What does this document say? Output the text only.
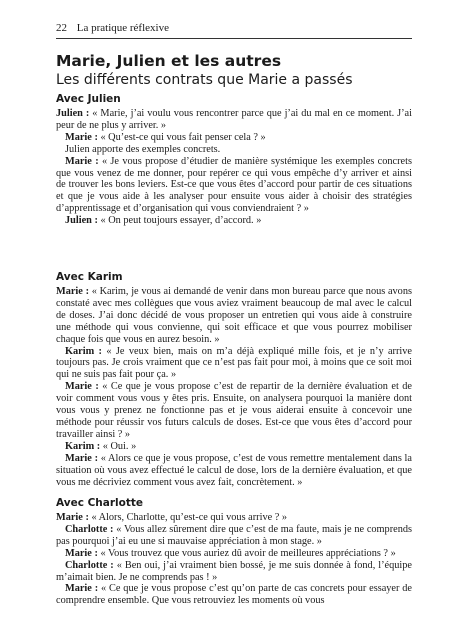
22 La pratique réflexive
Marie, Julien et les autres
Les différents contrats que Marie a passés
Avec Julien

Julien : « Marie, j’ai voulu vous rencontrer parce que j’ai du mal en ce moment. J’ai peur de ne plus y arriver. »

Marie : « Qu’est-ce qui vous fait penser cela ? »

Julien apporte des exemples concrets.

Marie : « Je vous propose d’étudier de manière systémique les exemples concrets que vous venez de me donner, pour repérer ce qui vous empêche d’y arriver et ainsi de trouver les bons leviers. Est-ce que vous êtes d’accord pour partir de ces situations et que je vous aide à les analyser pour ensuite vous aider à choisir des stratégies d’apprentissage et d’organisation qui vous conviendraient ? »

Julien : « On peut toujours essayer, d’accord. »

Avec Karim

Marie : « Karim, je vous ai demandé de venir dans mon bureau parce que nous avons constaté avec mes collègues que vous aviez vraiment beaucoup de mal avec le calcul de doses. J’ai donc décidé de vous proposer un entretien qui vous aide à construire une méthode qui vous convienne, qui soit efficace et que vous pourrez mobiliser chaque fois que vous en aurez besoin. »

Karim : « Je veux bien, mais on m’a déjà expliqué mille fois, et je n’y arrive toujours pas. Je crois vraiment que ce n’est pas fait pour moi, à moins que ce soit moi qui ne suis pas fait pour ça. »

Marie : « Ce que je vous propose c’est de repartir de la dernière évaluation et de voir comment vous vous y êtes pris. Ensuite, on analysera pourquoi la manière dont vous vous y prenez ne fonctionne pas et je vous aiderai ensuite à concevoir une méthode pour réussir vos futurs calculs de doses. Est-ce que vous êtes d’accord pour travailler ainsi ? »

Karim : « Oui. »

Marie : « Alors ce que je vous propose, c’est de vous remettre mentalement dans la situation où vous avez effectué le calcul de dose, lors de la dernière évaluation, et que vous me décriviez comment vous avez fait, concrètement. »

Avec Charlotte

Marie : « Alors, Charlotte, qu’est-ce qui vous arrive ? »

Charlotte : « Vous allez sûrement dire que c’est de ma faute, mais je ne comprends pas pourquoi j’ai eu une si mauvaise appréciation à mon stage. »

Marie : « Vous trouvez que vous auriez dû avoir de meilleures appréciations ? »

Charlotte : « Ben oui, j’ai vraiment bien bossé, je me suis donnée à fond, l’équipe m’aimait bien. Je ne comprends pas ! »

Marie : « Ce que je vous propose c’est qu’on parte de cas concrets pour essayer de comprendre ensemble. Que vous retrouviez les moments où vous
